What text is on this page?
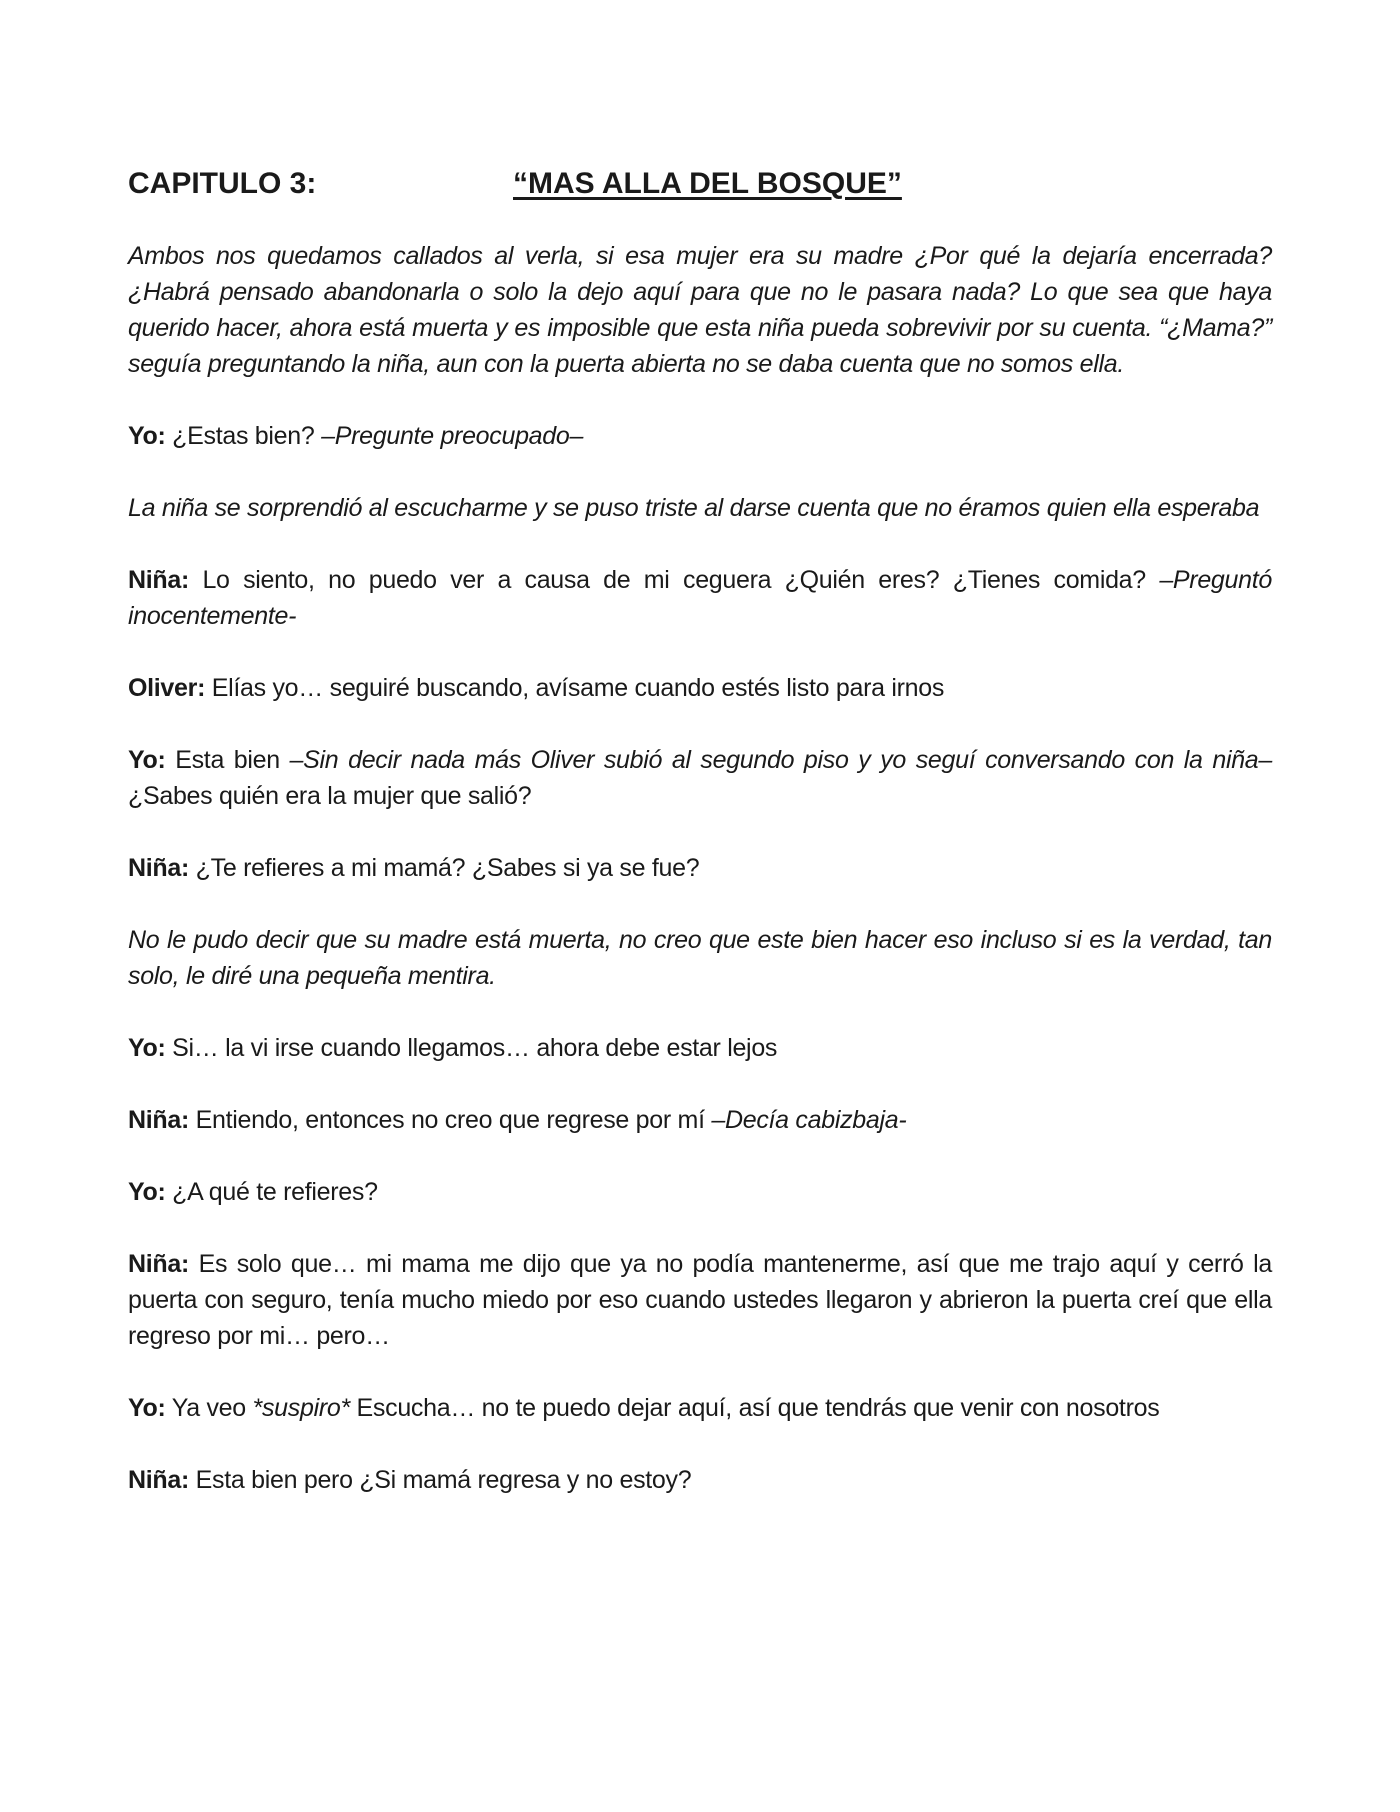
CAPITULO 3:	“MAS ALLA DEL BOSQUE”

Ambos nos quedamos callados al verla, si esa mujer era su madre ¿Por qué la dejaría encerrada? ¿Habrá pensado abandonarla o solo la dejo aquí para que no le pasara nada? Lo que sea que haya querido hacer, ahora está muerta y es imposible que esta niña pueda sobrevivir por su cuenta. “¿Mama?” seguía preguntando la niña, aun con la puerta abierta no se daba cuenta que no somos ella.

Yo: ¿Estas bien? –Pregunte preocupado–

La niña se sorprendió al escucharme y se puso triste al darse cuenta que no éramos quien ella esperaba

Niña: Lo siento, no puedo ver a causa de mi ceguera ¿Quién eres? ¿Tienes comida? –Preguntó inocentemente-

Oliver: Elías yo… seguiré buscando, avísame cuando estés listo para irnos

Yo: Esta bien –Sin decir nada más Oliver subió al segundo piso y yo seguí conversando con la niña– ¿Sabes quién era la mujer que salió?

Niña: ¿Te refieres a mi mamá? ¿Sabes si ya se fue?

No le pudo decir que su madre está muerta, no creo que este bien hacer eso incluso si es la verdad, tan solo, le diré una pequeña mentira.

Yo: Si… la vi irse cuando llegamos… ahora debe estar lejos

Niña: Entiendo, entonces no creo que regrese por mí –Decía cabizbaja-

Yo: ¿A qué te refieres?

Niña: Es solo que… mi mama me dijo que ya no podía mantenerme, así que me trajo aquí y cerró la puerta con seguro, tenía mucho miedo por eso cuando ustedes llegaron y abrieron la puerta creí que ella regreso por mi… pero…

Yo: Ya veo *suspiro* Escucha… no te puedo dejar aquí, así que tendrás que venir con nosotros

Niña: Esta bien pero ¿Si mamá regresa y no estoy?
